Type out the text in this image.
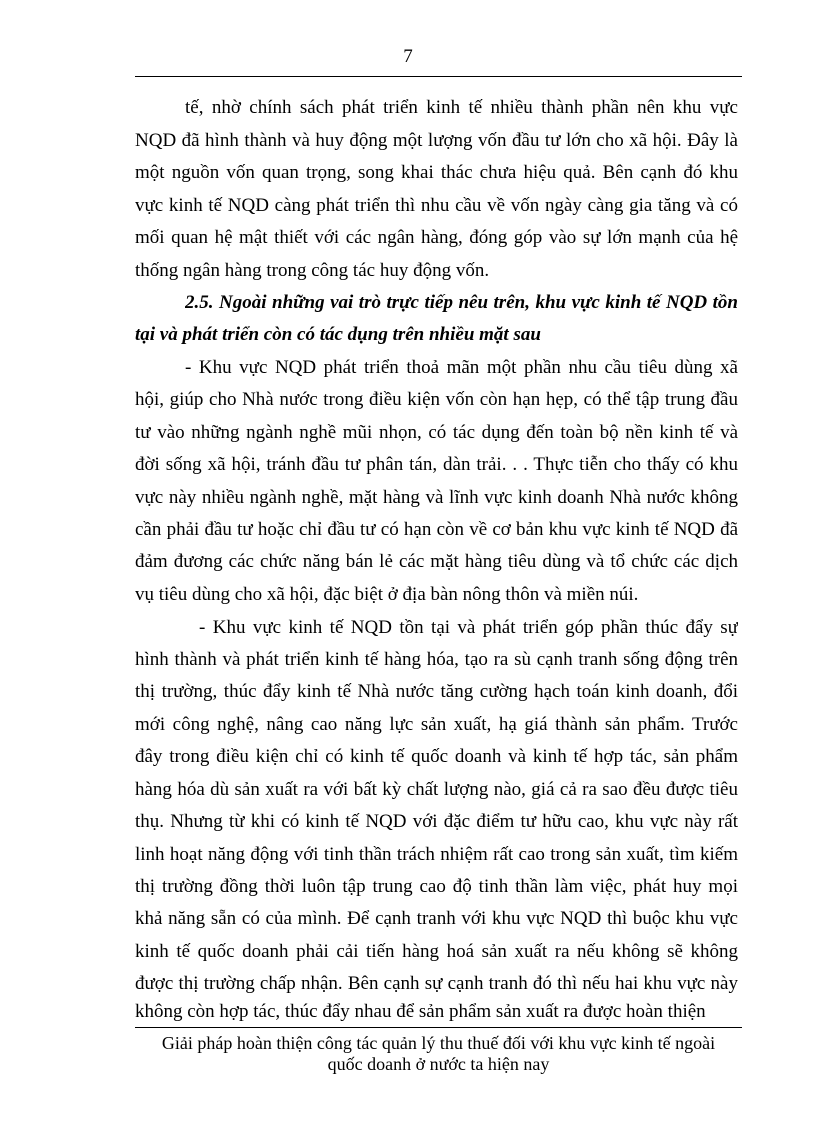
7
tế, nhờ chính sách phát triển kinh tế nhiều thành phần nên khu vực
NQD đã hình thành và huy động một lượng vốn đầu tư lớn cho xã hội. Đây là
một nguồn vốn quan trọng, song khai thác chưa hiệu quả. Bên cạnh đó khu
vực kinh tế NQD càng phát triển thì nhu cầu về vốn ngày càng gia tăng và có
mối quan hệ mật thiết với các ngân hàng, đóng góp vào sự lớn mạnh của hệ
thống ngân hàng trong công tác huy động vốn.
2.5. Ngoài những vai trò trực tiếp nêu trên, khu vực kinh tế NQD tồn
tại và phát triển còn có tác dụng trên nhiều mặt sau
- Khu vực NQD phát triển thoả mãn một phần nhu cầu tiêu dùng xã
hội, giúp cho Nhà nước trong điều kiện vốn còn hạn hẹp, có thể tập trung đầu
tư vào những ngành nghề mũi nhọn, có tác dụng đến toàn bộ nền kinh tế và
đời sống xã hội, tránh đầu tư phân tán, dàn trải. . . Thực tiễn cho thấy có khu
vực này nhiều ngành nghề, mặt hàng và lĩnh vực kinh doanh Nhà nước không
cần phải đầu tư hoặc chỉ đầu tư có hạn còn về cơ bản khu vực kinh tế NQD đã
đảm đương các chức năng bán lẻ các mặt hàng tiêu dùng và tổ chức các dịch
vụ tiêu dùng cho xã hội, đặc biệt ở địa bàn nông thôn và miền núi.
- Khu vực kinh tế NQD tồn tại và phát triển góp phần thúc đẩy sự
hình thành và phát triển kinh tế hàng hóa, tạo ra sù cạnh tranh sống động trên
thị trường, thúc đẩy kinh tế Nhà nước tăng cường hạch toán kinh doanh, đổi
mới công nghệ, nâng cao năng lực sản xuất, hạ giá thành sản phẩm. Trước
đây trong điều kiện chỉ có kinh tế quốc doanh và kinh tế hợp tác, sản phẩm
hàng hóa dù sản xuất ra với bất kỳ chất lượng nào, giá cả ra sao đều được tiêu
thụ. Nhưng từ khi có kinh tế NQD với đặc điểm tư hữu cao, khu vực này rất
linh hoạt năng động với tinh thần trách nhiệm rất cao trong sản xuất, tìm kiếm
thị trường đồng thời luôn tập trung cao độ tinh thần làm việc, phát huy mọi
khả năng sẵn có của mình. Để cạnh tranh với khu vực NQD thì buộc khu vực
kinh tế quốc doanh phải cải tiến hàng hoá sản xuất ra nếu không sẽ không
được thị trường chấp nhận. Bên cạnh sự cạnh tranh đó thì nếu hai khu vực này
không còn hợp tác, thúc đẩy nhau để sản phẩm sản xuất ra được hoàn thiện
Giải pháp hoàn thiện công tác quản lý thu thuế đối với khu vực kinh tế ngoài
quốc doanh ở nước ta hiện nay
